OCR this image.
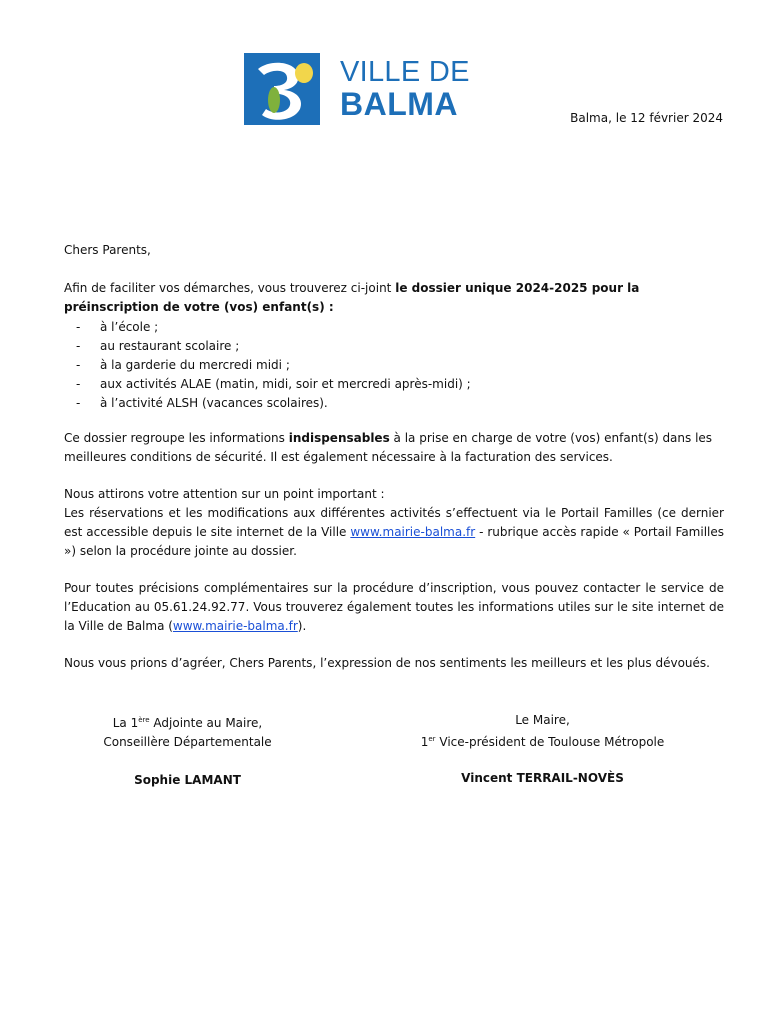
VILLE DE
BALMA	Balma, le 12 février 2024

Chers Parents,

Afin de faciliter vos démarches, vous trouverez ci-joint le dossier unique 2024-2025 pour la préinscription de votre (vos) enfant(s) :

- à l’école ;
- au restaurant scolaire ;
- à la garderie du mercredi midi ;
- aux activités ALAE (matin, midi, soir et mercredi après-midi) ;
- à l’activité ALSH (vacances scolaires).

Ce dossier regroupe les informations indispensables à la prise en charge de votre (vos) enfant(s) dans les meilleures conditions de sécurité. Il est également nécessaire à la facturation des services.

Nous attirons votre attention sur un point important :
Les réservations et les modifications aux différentes activités s’effectuent via le Portail Familles (ce dernier est accessible depuis le site internet de la Ville www.mairie-balma.fr - rubrique accès rapide « Portail Familles ») selon la procédure jointe au dossier.

Pour toutes précisions complémentaires sur la procédure d’inscription, vous pouvez contacter le service de l’Education au 05.61.24.92.77. Vous trouverez également toutes les informations utiles sur le site internet de la Ville de Balma (www.mairie-balma.fr).

Nous vous prions d’agréer, Chers Parents, l’expression de nos sentiments les meilleurs et les plus dévoués.

La 1ère Adjointe au Maire,
Conseillère Départementale
Sophie LAMANT
Le Maire,
1er Vice-président de Toulouse Métropole
Vincent TERRAIL-NOVÈS
